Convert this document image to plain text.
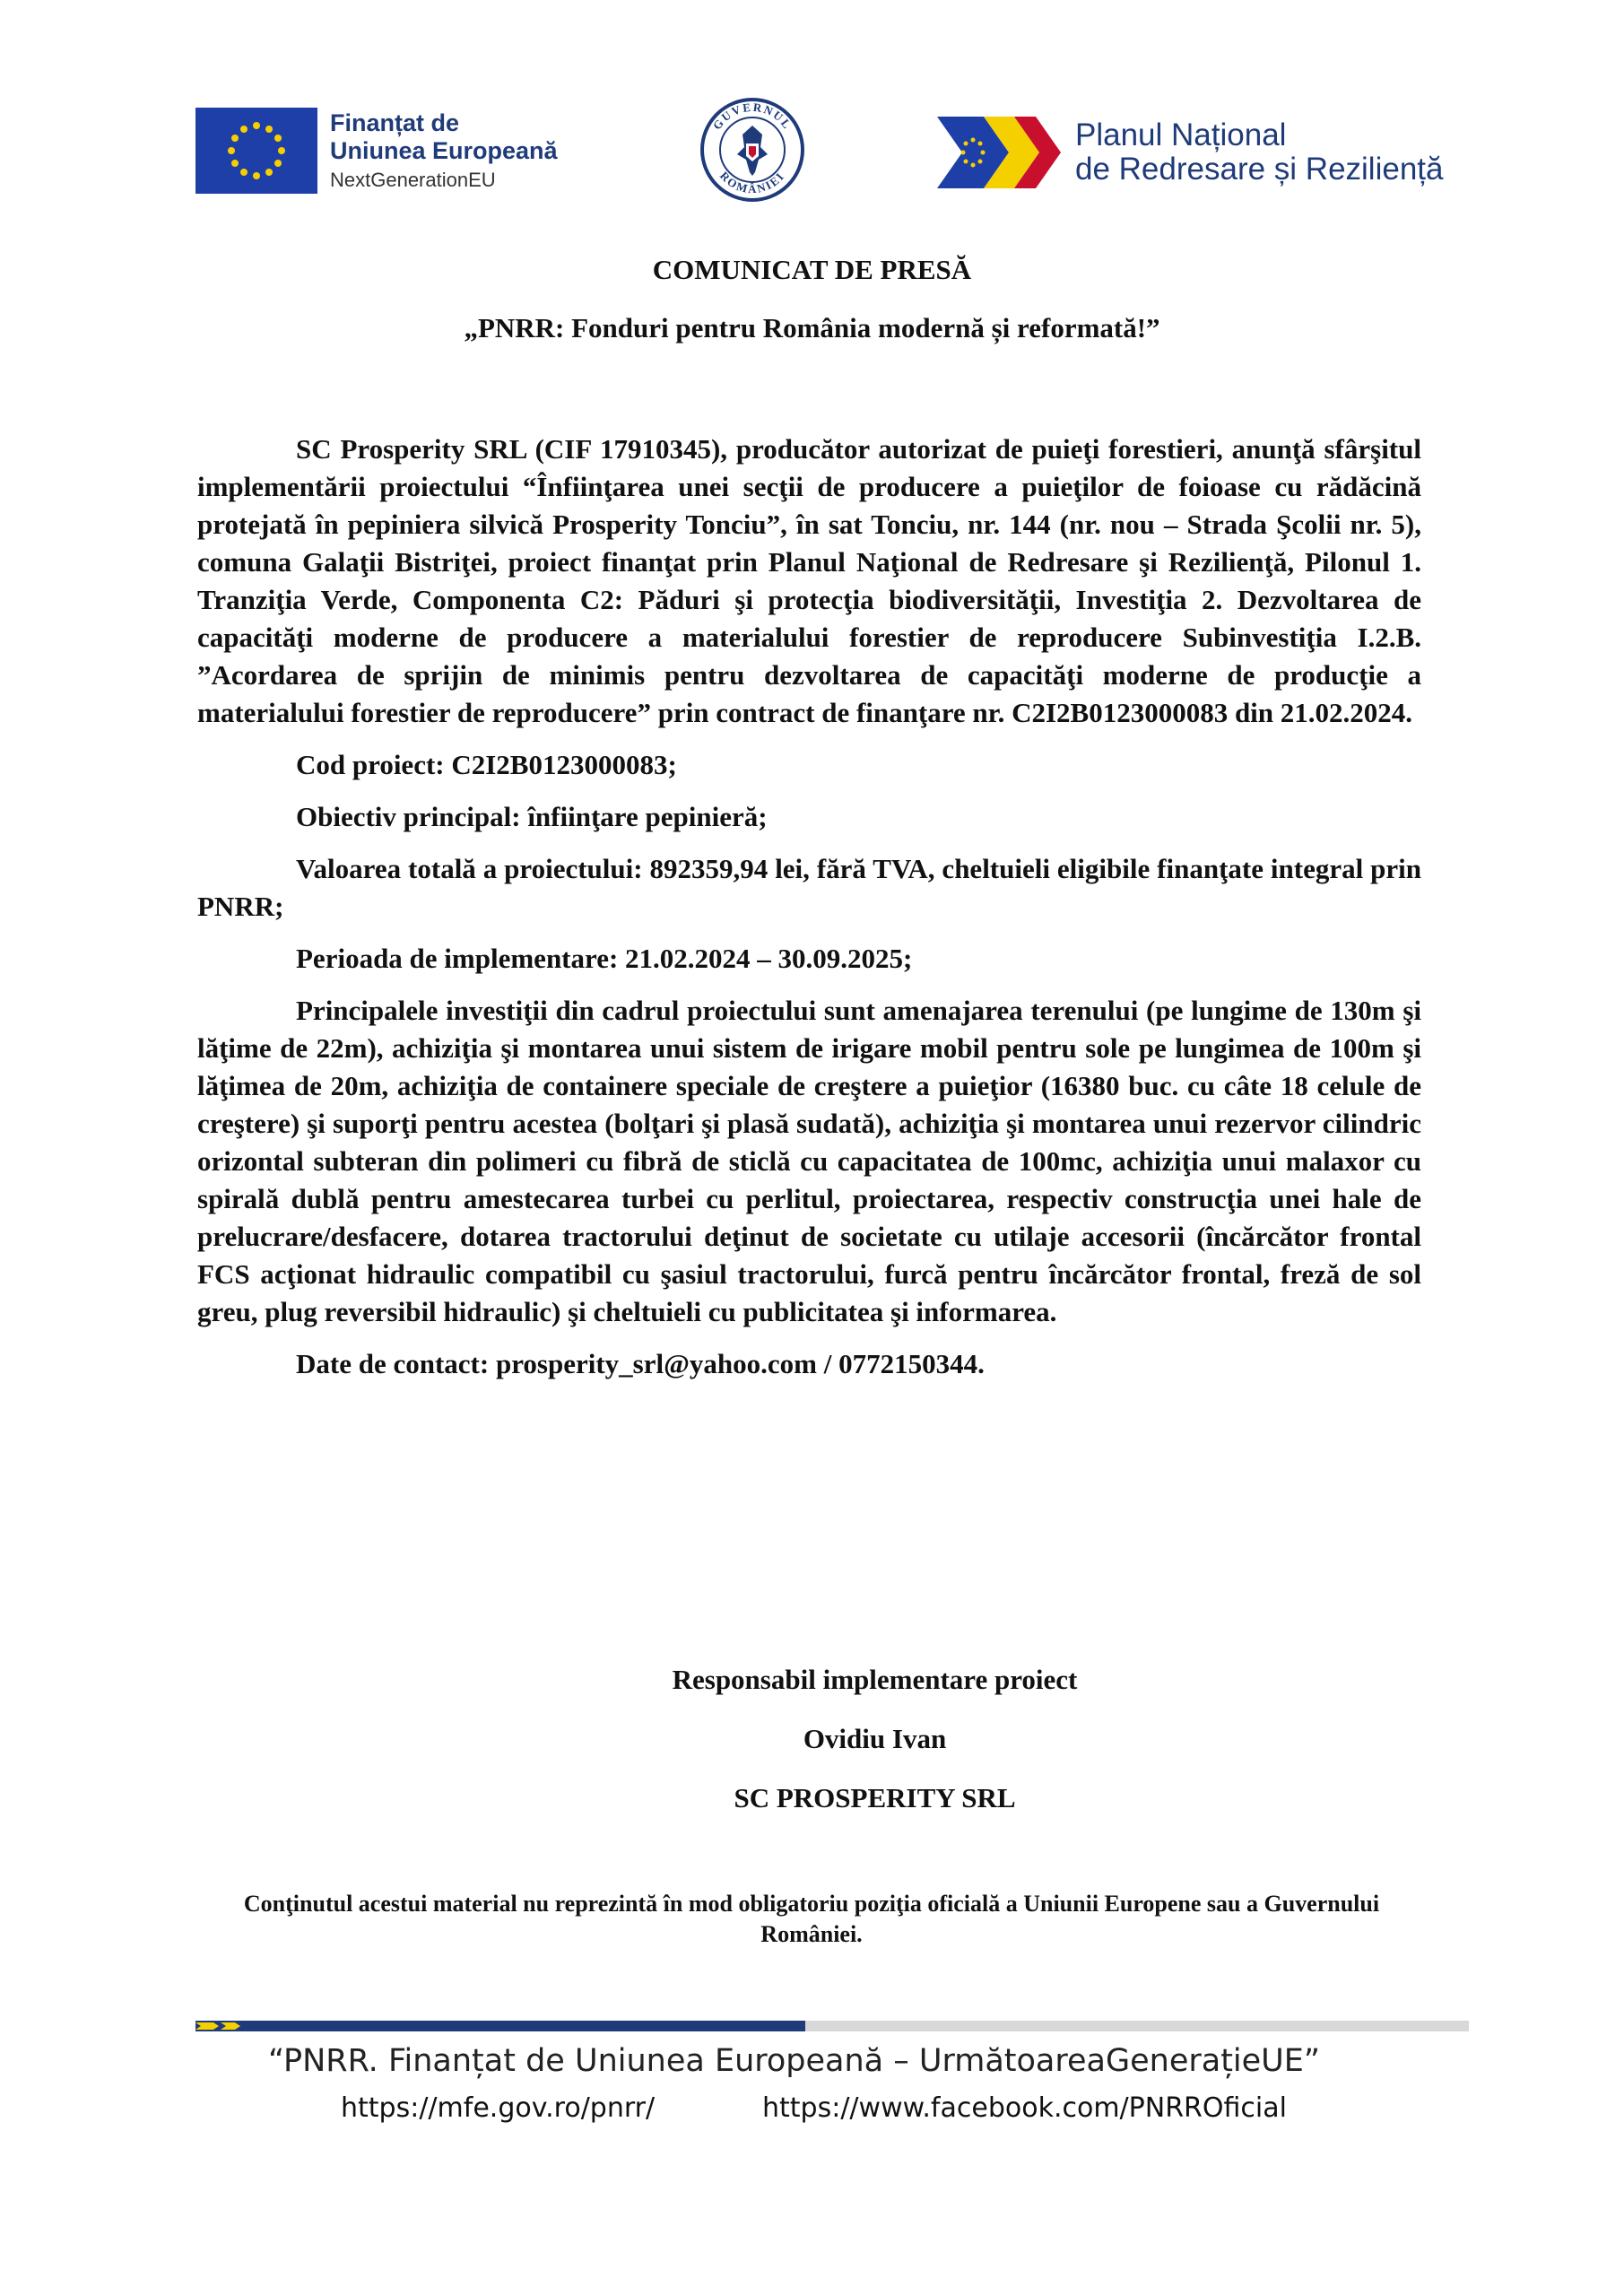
Finanțat de
Uniunea Europeană
NextGenerationEU
GUVERNUL
ROMÂNIEI
Planul Național
de Redresare și Reziliență
COMUNICAT DE PRESĂ
„PNRR: Fonduri pentru România modernă și reformată!”

SC Prosperity SRL (CIF 17910345), producător autorizat de puieţi forestieri, anunţă sfârşitul implementării proiectului “Înfiinţarea unei secţii de producere a puieţilor de foioase cu rădăcină protejată în pepiniera silvică Prosperity Tonciu”, în sat Tonciu, nr. 144 (nr. nou – Strada Şcolii nr. 5), comuna Galaţii Bistriţei, proiect finanţat prin Planul Naţional de Redresare şi Rezilienţă, Pilonul 1. Tranziţia Verde, Componenta C2: Păduri şi protecţia biodiversităţii, Investiţia 2. Dezvoltarea de capacităţi moderne de producere a materialului forestier de reproducere Subinvestiţia I.2.B. ”Acordarea de sprijin de minimis pentru dezvoltarea de capacităţi moderne de producţie a materialului forestier de reproducere” prin contract de finanţare nr. C2I2B0123000083 din 21.02.2024.

Cod proiect: C2I2B0123000083;

Obiectiv principal: înfiinţare pepinieră;

Valoarea totală a proiectului: 892359,94 lei, fără TVA, cheltuieli eligibile finanţate integral prin PNRR;

Perioada de implementare: 21.02.2024 – 30.09.2025;

Principalele investiţii din cadrul proiectului sunt amenajarea terenului (pe lungime de 130m şi lăţime de 22m), achiziţia şi montarea unui sistem de irigare mobil pentru sole pe lungimea de 100m şi lăţimea de 20m, achiziţia de containere speciale de creştere a puieţior (16380 buc. cu câte 18 celule de creştere) şi suporţi pentru acestea (bolţari şi plasă sudată), achiziţia şi montarea unui rezervor cilindric orizontal subteran din polimeri cu fibră de sticlă cu capacitatea de 100mc, achiziţia unui malaxor cu spirală dublă pentru amestecarea turbei cu perlitul, proiectarea, respectiv construcţia unei hale de prelucrare/desfacere, dotarea tractorului deţinut de societate cu utilaje accesorii (încărcător frontal FCS acţionat hidraulic compatibil cu şasiul tractorului, furcă pentru încărcător frontal, freză de sol greu, plug reversibil hidraulic) şi cheltuieli cu publicitatea şi informarea.

Date de contact: prosperity_srl@yahoo.com / 0772150344.

Responsabil implementare proiect
Ovidiu Ivan
SC PROSPERITY SRL
Conţinutul acestui material nu reprezintă în mod obligatoriu poziţia oficială a Uniunii Europene sau a Guvernului României.
“PNRR. Finanțat de Uniunea Europeană – UrmătoareaGenerațieUE”
https://mfe.gov.ro/pnrr/	https://www.facebook.com/PNRROficial
